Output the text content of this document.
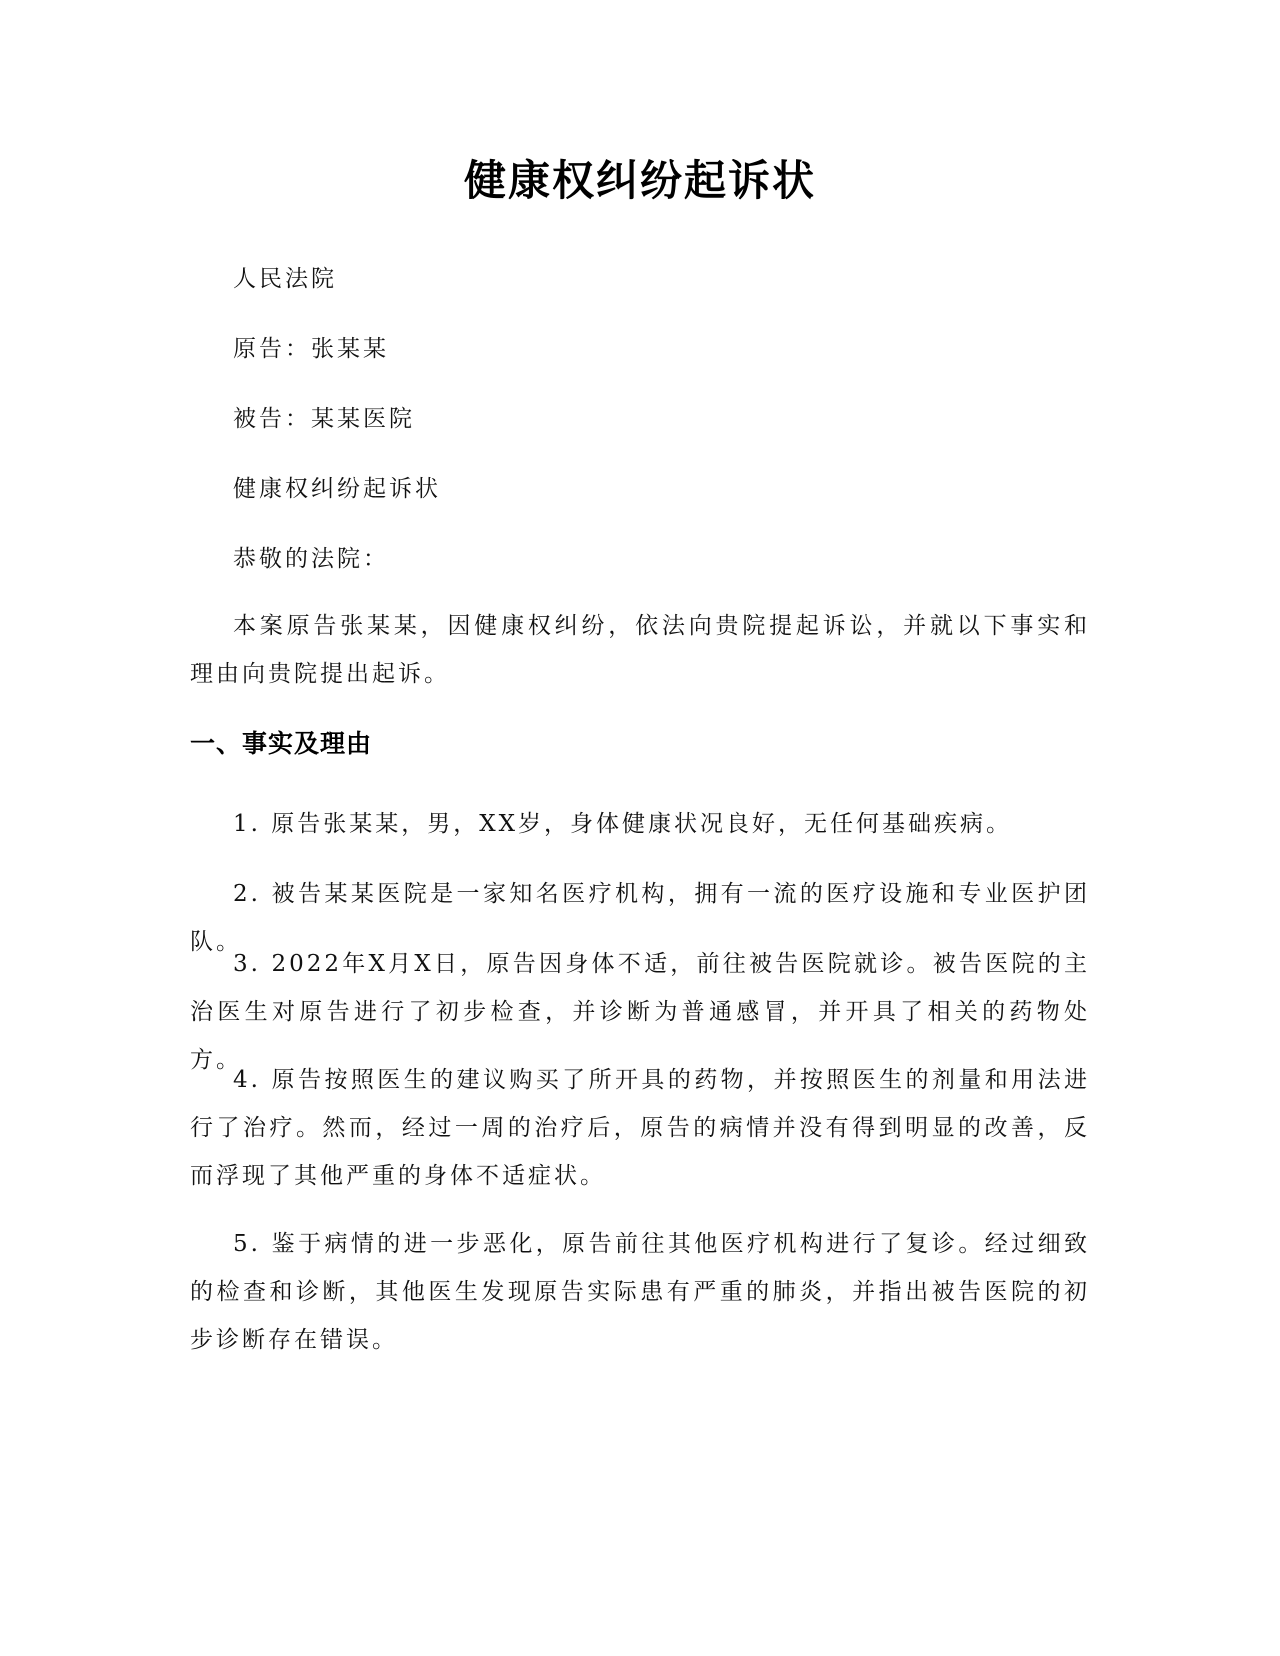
健康权纠纷起诉状

人民法院

原告：张某某

被告：某某医院

健康权纠纷起诉状

恭敬的法院：

本案原告张某某，因健康权纠纷，依法向贵院提起诉讼，并就以下事实和理由向贵院提出起诉。

一、事实及理由

1. 原告张某某，男，XX岁，身体健康状况良好，无任何基础疾病。

2. 被告某某医院是一家知名医疗机构，拥有一流的医疗设施和专业医护团队。

3. 2022年X月X日，原告因身体不适，前往被告医院就诊。被告医院的主治医生对原告进行了初步检查，并诊断为普通感冒，并开具了相关的药物处方。

4. 原告按照医生的建议购买了所开具的药物，并按照医生的剂量和用法进行了治疗。然而，经过一周的治疗后，原告的病情并没有得到明显的改善，反而浮现了其他严重的身体不适症状。

5. 鉴于病情的进一步恶化，原告前往其他医疗机构进行了复诊。经过细致的检查和诊断，其他医生发现原告实际患有严重的肺炎，并指出被告医院的初步诊断存在错误。
